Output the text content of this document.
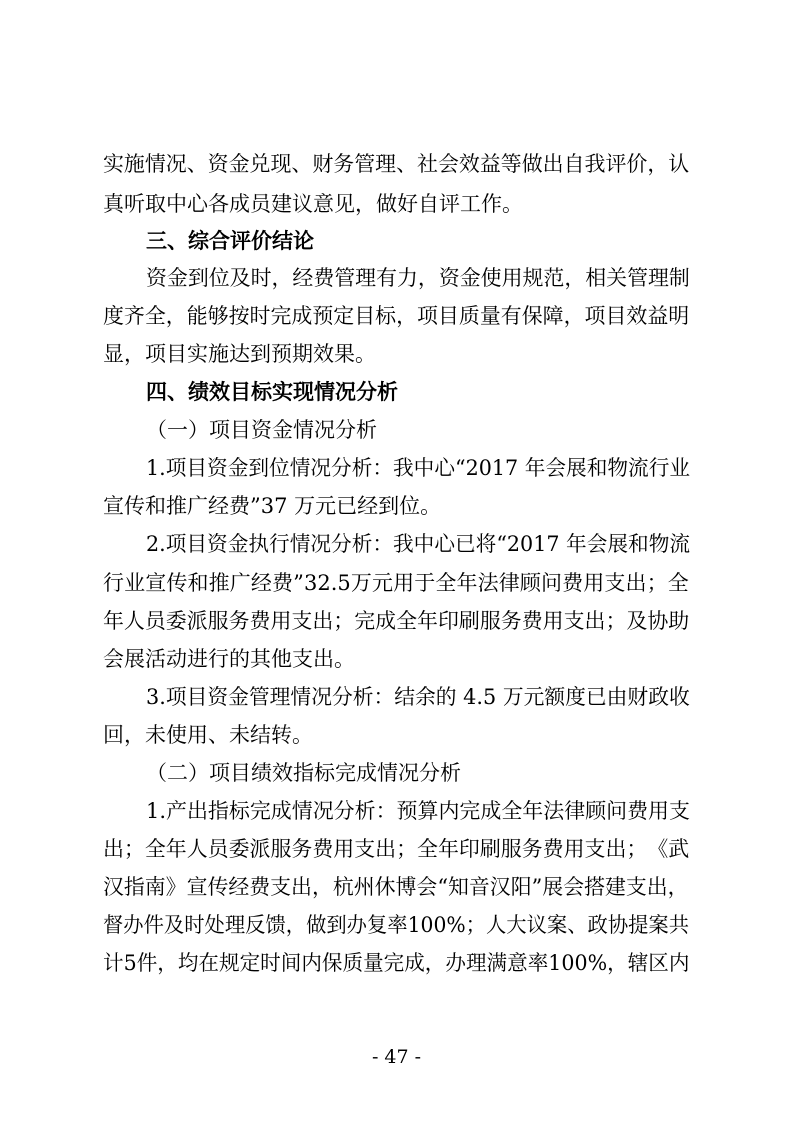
实 施 情 况 、 资 金 兑 现 、 财 务 管 理 、 社 会 效 益 等 做 出 自 我 评 价 ， 认
真听取中心各成员建议意见，做好自评工作。
三、综合评价结论
资金到位及时，经费管理有力，资金使用规范，相关管理制
度 齐 全 ， 能 够 按 时 完 成 预 定 目 标 ， 项 目 质 量 有 保 障 ， 项 目 效 益 明
显，项目实施达到预期效果。
四、绩效目标实现情况分析
（一）项目资金情况分析
1.项目资金到位情况分析：我中心“2017 年会展和物流行业
宣传和推广经费”37 万元已经到位。
2.项目资金执行情况分析：我中心已将“2017 年会展和物流
行 业 宣 传 和 推 广 经 费 ” 32.5 万 元 用 于 全 年 法 律 顾 问 费 用 支 出 ； 全
年 人 员 委 派 服 务 费 用 支 出 ； 完 成 全 年 印 刷 服 务 费 用 支 出 ； 及 协 助
会展活动进行的其他支出。
3.项目资金管理情况分析：结余的 4.5 万元额度已由财政收
回，未使用、未结转。
（二）项目绩效指标完成情况分析
1.产出指标完成情况分析：预算内完成全年法律顾问费用支
出 ； 全 年 人 员 委 派 服 务 费 用 支 出 ； 全 年 印 刷 服 务 费 用 支 出 ； 《 武
汉 指 南 》 宣 传 经 费 支 出 ， 杭 州 休 博 会 “ 知 音 汉 阳 ” 展 会 搭 建 支 出 ，
督 办 件 及 时 处 理 反 馈 ， 做 到 办 复 率 100% ； 人 大 议 案 、 政 协 提 案 共
计 5 件 ， 均 在 规 定 时 间 内 保 质 量 完 成 ， 办 理 满 意 率 100% ， 辖 区 内
- 47 -
